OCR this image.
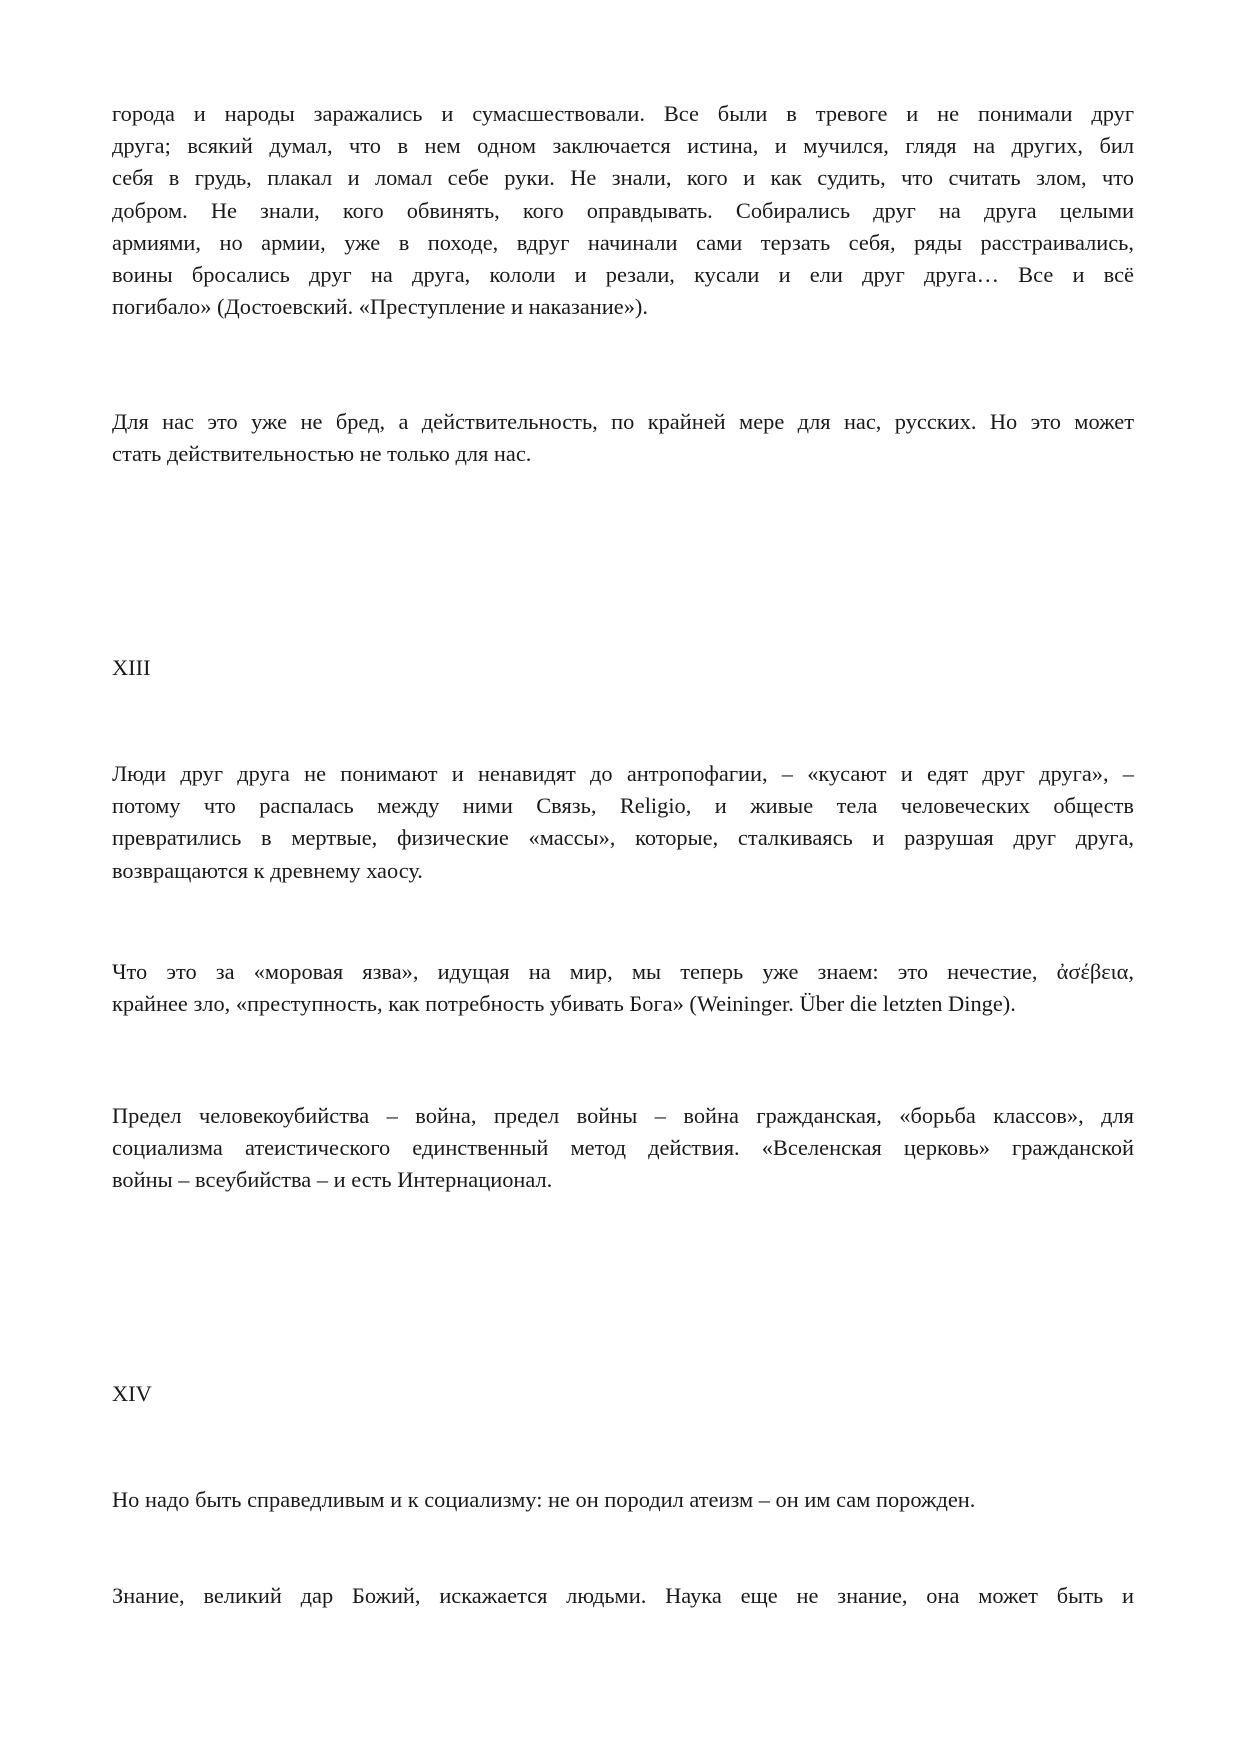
города и народы заражались и сумасшествовали. Все были в тревоге и не понимали друг
друга; всякий думал, что в нем одном заключается истина, и мучился, глядя на других, бил
себя в грудь, плакал и ломал себе руки. Не знали, кого и как судить, что считать злом, что
добром. Не знали, кого обвинять, кого оправдывать. Собирались друг на друга целыми
армиями, но армии, уже в походе, вдруг начинали сами терзать себя, ряды расстраивались,
воины бросались друг на друга, кололи и резали, кусали и ели друг друга… Все и всё
погибало» (Достоевский. «Преступление и наказание»).

Для нас это уже не бред, а действительность, по крайней мере для нас, русских. Но это может
стать действительностью не только для нас.

XIII

Люди друг друга не понимают и ненавидят до антропофагии, – «кусают и едят друг друга», –
потому что распалась между ними Связь, Religio, и живые тела человеческих обществ
превратились в мертвые, физические «массы», которые, сталкиваясь и разрушая друг друга,
возвращаются к древнему хаосу.

Что это за «моровая язва», идущая на мир, мы теперь уже знаем: это нечестие, ἀσέβεια,
крайнее зло, «преступность, как потребность убивать Бога» (Weininger. Über die letzten Dinge).

Предел человекоубийства – война, предел войны – война гражданская, «борьба классов», для
социализма атеистического единственный метод действия. «Вселенская церковь» гражданской
войны – всеубийства – и есть Интернационал.

XIV

Но надо быть справедливым и к социализму: не он породил атеизм – он им сам порожден.

Знание, великий дар Божий, искажается людьми. Наука еще не знание, она может быть и
